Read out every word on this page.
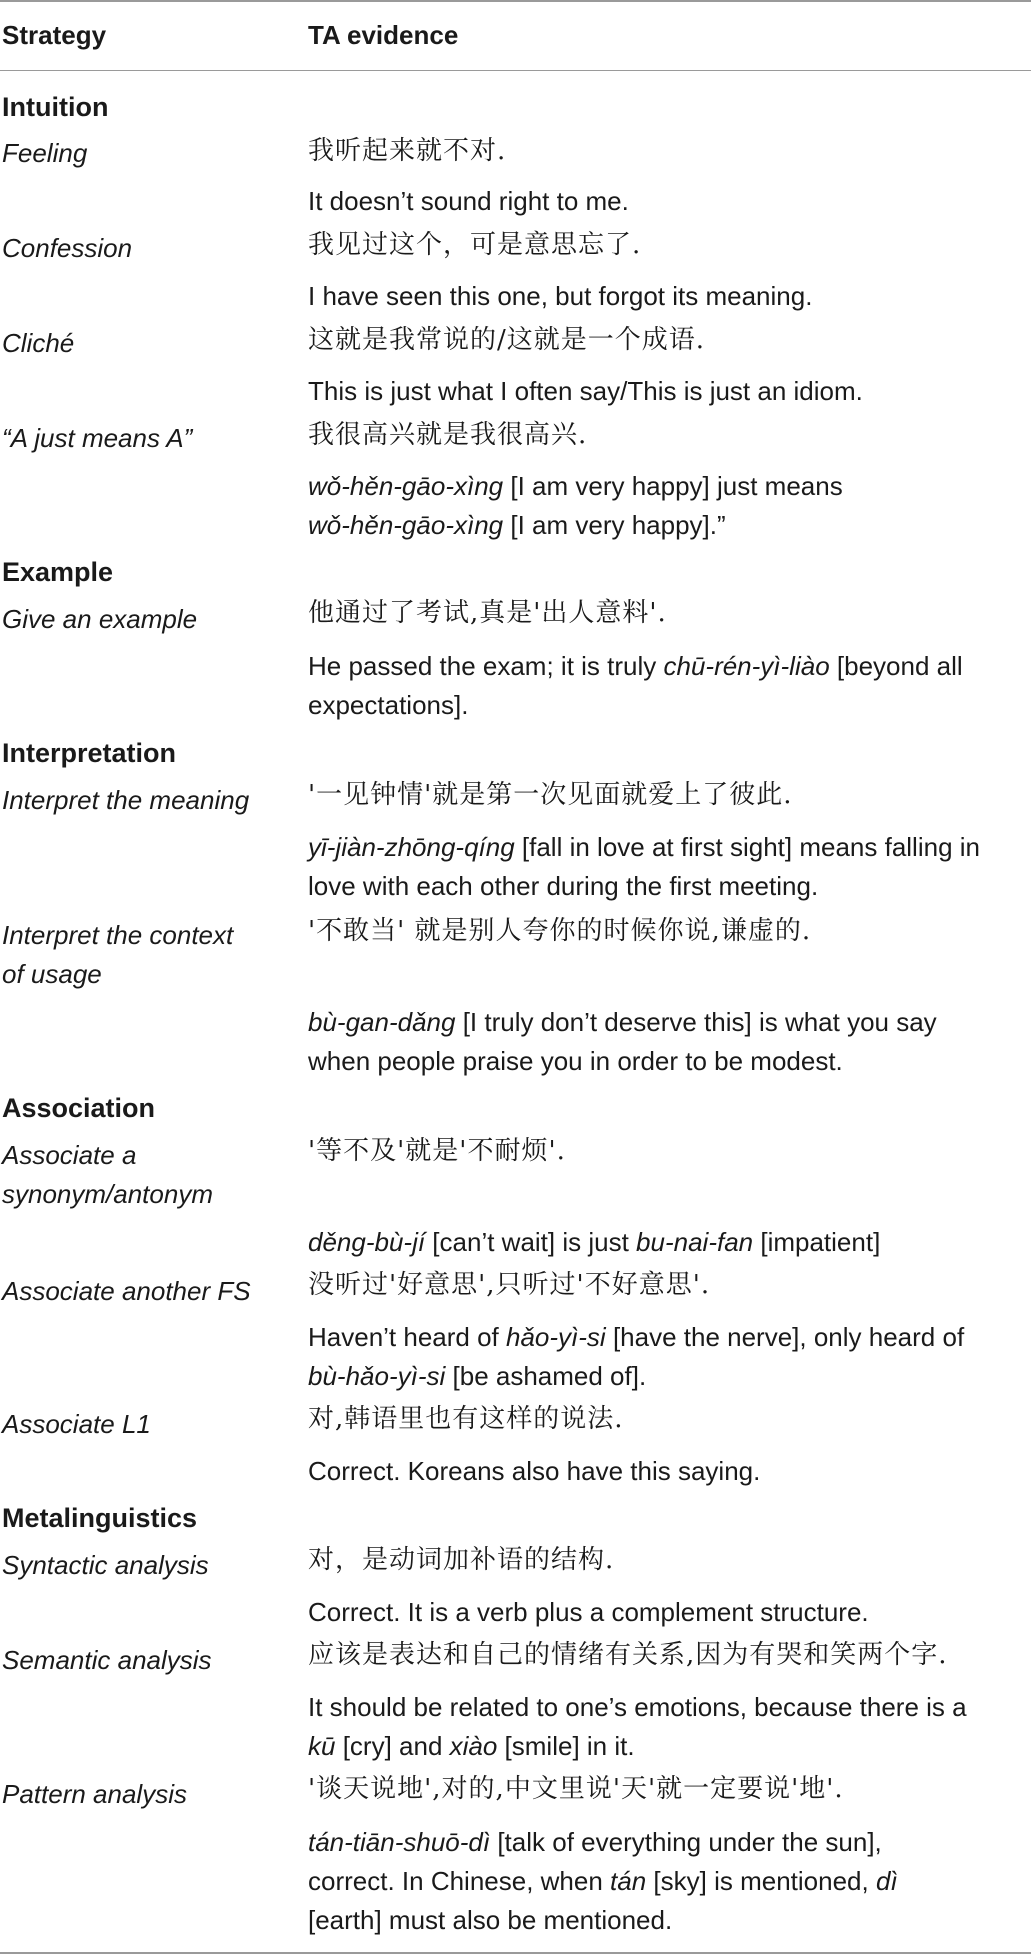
Strategy	TA evidence
Intuition
Feeling	我听起来就不对.
It doesn’t sound right to me.
Confession	我见过这个，可是意思忘了.
I have seen this one, but forgot its meaning.
Cliché	这就是我常说的/这就是一个成语.
This is just what I often say/This is just an idiom.
“A just means A”	我很高兴就是我很高兴.
wǒ-hěn-gāo-xìng [I am very happy] just means
wǒ-hěn-gāo-xìng [I am very happy].”
Example
Give an example	他通过了考试,真是'出人意料'.
He passed the exam; it is truly chū-rén-yì-liào [beyond all
expectations].
Interpretation
Interpret the meaning '一见钟情'就是第一次见面就爱上了彼此.
yī-jiàn-zhōng-qíng [fall in love at first sight] means falling in
love with each other during the first meeting.
Interpret the context
of usage
'不敢当' 就是别人夸你的时候你说,谦虚的.
bù-gan-dǎng [I truly don’t deserve this] is what you say
when people praise you in order to be modest.
Association
Associate a
synonym/antonym
'等不及'就是'不耐烦'.
děng-bù-jí [can’t wait] is just bu-nai-fan [impatient]
Associate another FS 没听过'好意思',只听过'不好意思'.
Haven’t heard of hǎo-yì-si [have the nerve], only heard of
bù-hǎo-yì-si [be ashamed of].
Associate L1	对,韩语里也有这样的说法.
Correct. Koreans also have this saying.
Metalinguistics
Syntactic analysis	对，是动词加补语的结构.
Correct. It is a verb plus a complement structure.
Semantic analysis	应该是表达和自己的情绪有关系,因为有哭和笑两个字.
It should be related to one’s emotions, because there is a
kū [cry] and xiào [smile] in it.
Pattern analysis	'谈天说地',对的,中文里说'天'就一定要说'地'.
tán-tiān-shuō-dì [talk of everything under the sun],
correct. In Chinese, when tán [sky] is mentioned, dì
[earth] must also be mentioned.
